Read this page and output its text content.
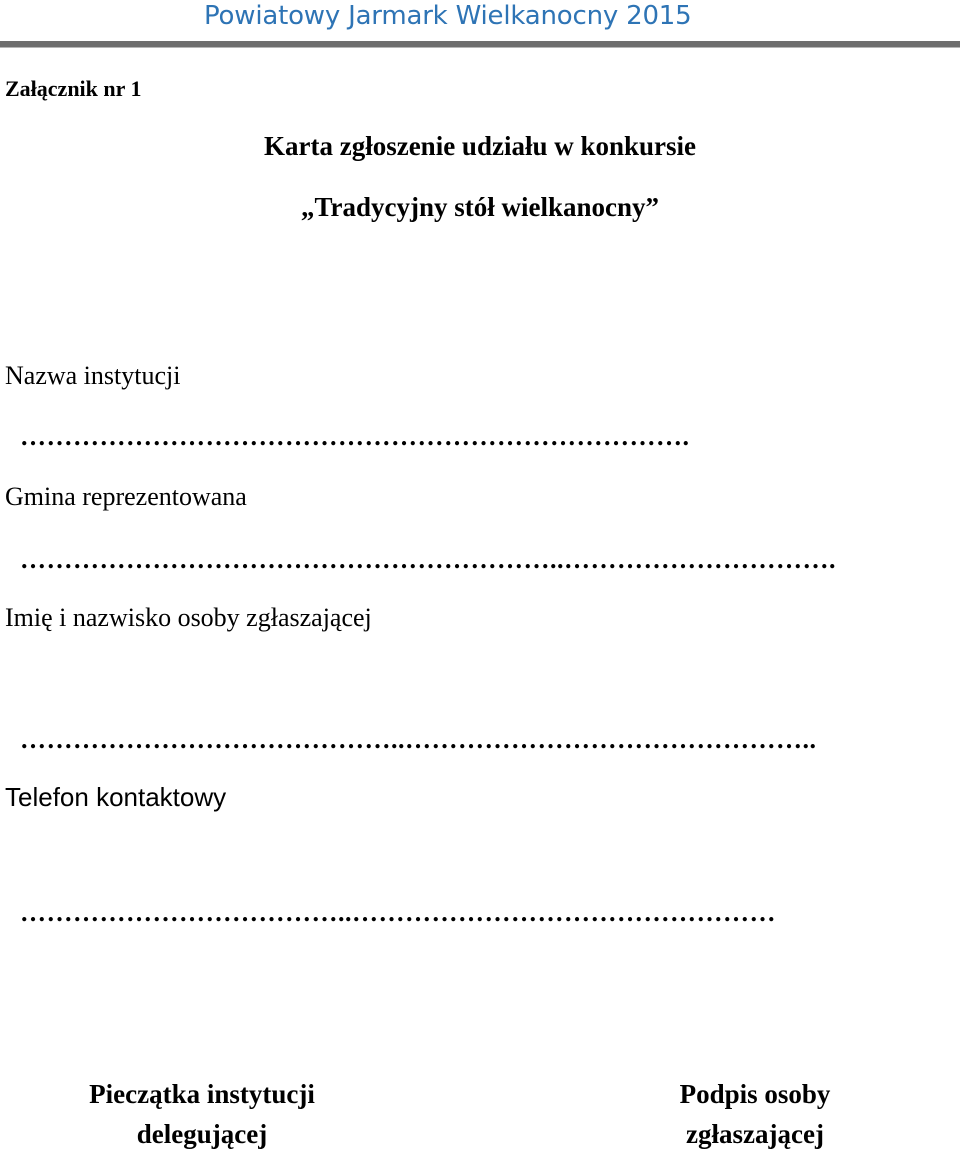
Powiatowy Jarmark Wielkanocny 2015
Załącznik nr 1
Karta zgłoszenie udziału w konkursie
„Tradycyjny stół wielkanocny”
Nazwa instytucji
………………………………………………………………….
Gmina reprezentowana
……………………………………………………..………………………….
Imię i nazwisko osoby zgłaszającej
……………………………………..………………………………………..
Telefon kontaktowy
………………………………..…………………………………………
Pieczątka instytucji delegującej
Podpis osoby zgłaszającej
